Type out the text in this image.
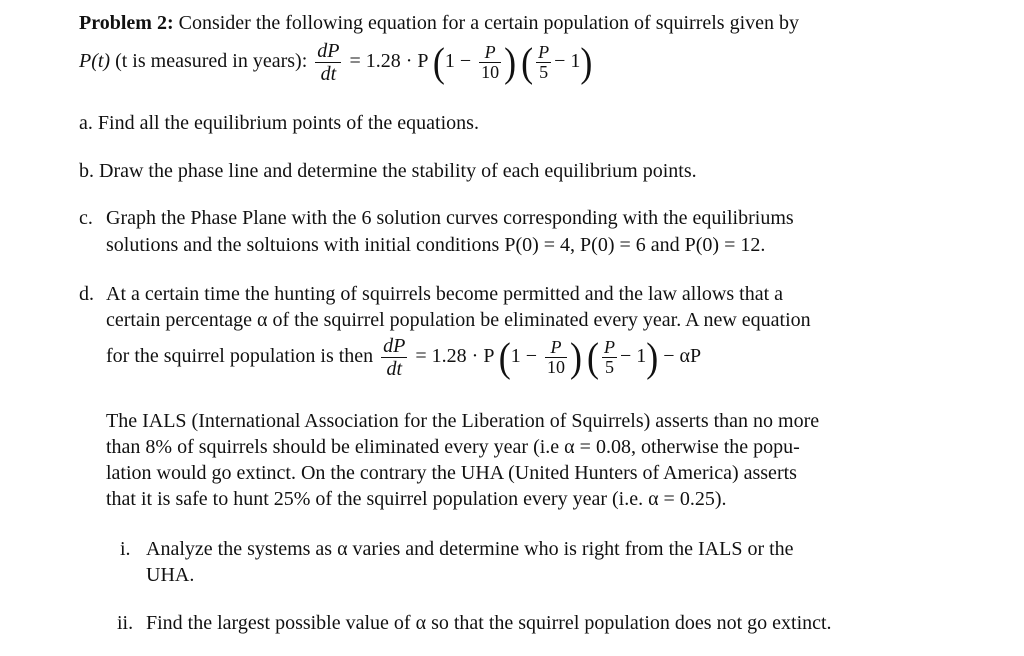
Problem 2: Consider the following equation for a certain population of squirrels given by
P(t) (t is measured in years): $\frac{dP}{dt} = 1.28 \cdot P$ ($1 - \frac{P}{10}$ ) ( $\frac{P}{5} - 1$)
a. Find all the equilibrium points of the equations.
b. Draw the phase line and determine the stability of each equilibrium points.
c. Graph the Phase Plane with the 6 solution curves corresponding with the equilibriums
solutions and the soltuions with initial conditions P(0) = 4, P(0) = 6 and P(0) = 12.
d. At a certain time the hunting of squirrels become permitted and the law allows that a
certain percentage α of the squirrel population be eliminated every year. A new equation
for the squirrel population is then $\frac{dP}{dt} = 1.28 \cdot P$ ($1 - \frac{P}{10}$ ) ( $\frac{P}{5} - 1) - \alpha P$
The IALS (International Association for the Liberation of Squirrels) asserts than no more
than 8% of squirrels should be eliminated every year (i.e α = 0.08, otherwise the popu-
lation would go extinct. On the contrary the UHA (United Hunters of America) asserts
that it is safe to hunt 25% of the squirrel population every year (i.e. α = 0.25).
i. Analyze the systems as α varies and determine who is right from the IALS or the
UHA.
ii. Find the largest possible value of α so that the squirrel population does not go extinct.
